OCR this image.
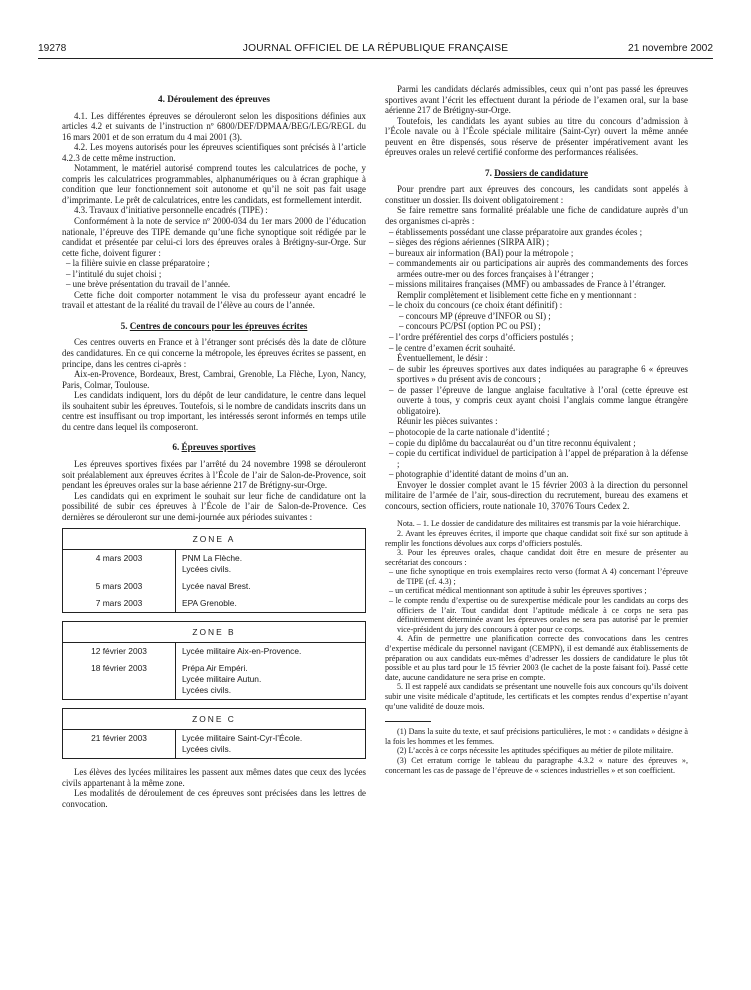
19278	JOURNAL OFFICIEL DE LA RÉPUBLIQUE FRANÇAISE	21 novembre 2002
4. Déroulement des épreuves

4.1. Les différentes épreuves se dérouleront selon les dispositions définies aux articles 4.2 et suivants de l’instruction nº 6800/DEF/DPMAA/BEG/LEG/REGL du 16 mars 2001 et de son erratum du 4 mai 2001 (3).

4.2. Les moyens autorisés pour les épreuves scientifiques sont précisés à l’article 4.2.3 de cette même instruction.

Notamment, le matériel autorisé comprend toutes les calculatrices de poche, y compris les calculatrices programmables, alphanumériques ou à écran graphique à condition que leur fonctionnement soit autonome et qu’il ne soit pas fait usage d’imprimante. Le prêt de calculatrices, entre les candidats, est formellement interdit.

4.3. Travaux d’initiative personnelle encadrés (TIPE) :

Conformément à la note de service nº 2000-034 du 1er mars 2000 de l’éducation nationale, l’épreuve des TIPE demande qu’une fiche synoptique soit rédigée par le candidat et présentée par celui-ci lors des épreuves orales à Brétigny-sur-Orge. Sur cette fiche, doivent figurer :

– la filière suivie en classe préparatoire ;
– l’intitulé du sujet choisi ;
– une brève présentation du travail de l’année.

Cette fiche doit comporter notamment le visa du professeur ayant encadré le travail et attestant de la réalité du travail de l’élève au cours de l’année.

5. Centres de concours pour les épreuves écrites

Ces centres ouverts en France et à l’étranger sont précisés dès la date de clôture des candidatures. En ce qui concerne la métropole, les épreuves écrites se passent, en principe, dans les centres ci-après :

Aix-en-Provence, Bordeaux, Brest, Cambrai, Grenoble, La Flèche, Lyon, Nancy, Paris, Colmar, Toulouse.

Les candidats indiquent, lors du dépôt de leur candidature, le centre dans lequel ils souhaitent subir les épreuves. Toutefois, si le nombre de candidats inscrits dans un centre est insuffisant ou trop important, les intéressés seront informés en temps utile du centre dans lequel ils composeront.

6. Épreuves sportives

Les épreuves sportives fixées par l’arrêté du 24 novembre 1998 se dérouleront soit préalablement aux épreuves écrites à l’École de l’air de Salon-de-Provence, soit pendant les épreuves orales sur la base aérienne 217 de Brétigny-sur-Orge.

Les candidats qui en expriment le souhait sur leur fiche de candidature ont la possibilité de subir ces épreuves à l’École de l’air de Salon-de-Provence. Ces dernières se dérouleront sur une demi-journée aux périodes suivantes :

ZONE A
4 mars 2003	PNM La Flèche.
Lycées civils.

5 mars 2003	Lycée naval Brest.

7 mars 2003	EPA Grenoble.
ZONE B
12 février 2003	Lycée militaire Aix-en-Provence.

18 février 2003	Prépa Air Empéri.
Lycée militaire Autun.
Lycées civils.
ZONE C
21 février 2003	Lycée militaire Saint-Cyr-l’École.
Lycées civils.

Les élèves des lycées militaires les passent aux mêmes dates que ceux des lycées civils appartenant à la même zone.

Les modalités de déroulement de ces épreuves sont précisées dans les lettres de convocation.

Parmi les candidats déclarés admissibles, ceux qui n’ont pas passé les épreuves sportives avant l’écrit les effectuent durant la période de l’examen oral, sur la base aérienne 217 de Brétigny-sur-Orge.

Toutefois, les candidats les ayant subies au titre du concours d’admission à l’École navale ou à l’École spéciale militaire (Saint-Cyr) ouvert la même année peuvent en être dispensés, sous réserve de présenter impérativement avant les épreuves orales un relevé certifié conforme des performances réalisées.

7. Dossiers de candidature

Pour prendre part aux épreuves des concours, les candidats sont appelés à constituer un dossier. Ils doivent obligatoirement :

Se faire remettre sans formalité préalable une fiche de candidature auprès d’un des organismes ci-après :

– établissements possédant une classe préparatoire aux grandes écoles ;
– sièges des régions aériennes (SIRPA AIR) ;
– bureaux air information (BAI) pour la métropole ;
– commandements air ou participations air auprès des commandements des forces armées outre-mer ou des forces françaises à l’étranger ;
– missions militaires françaises (MMF) ou ambassades de France à l’étranger.

Remplir complètement et lisiblement cette fiche en y mentionnant :

– le choix du concours (ce choix étant définitif) :
– concours MP (épreuve d’INFOR ou SI) ;
– concours PC/PSI (option PC ou PSI) ;
– l’ordre préférentiel des corps d’officiers postulés ;
– le centre d’examen écrit souhaité.

Éventuellement, le désir :

– de subir les épreuves sportives aux dates indiquées au paragraphe 6 « épreuves sportives » du présent avis de concours ;
– de passer l’épreuve de langue anglaise facultative à l’oral (cette épreuve est ouverte à tous, y compris ceux ayant choisi l’anglais comme langue étrangère obligatoire).

Réunir les pièces suivantes :

– photocopie de la carte nationale d’identité ;
– copie du diplôme du baccalauréat ou d’un titre reconnu équivalent ;
– copie du certificat individuel de participation à l’appel de préparation à la défense ;
– photographie d’identité datant de moins d’un an.

Envoyer le dossier complet avant le 15 février 2003 à la direction du personnel militaire de l’armée de l’air, sous-direction du recrutement, bureau des examens et concours, section officiers, route nationale 10, 37076 Tours Cedex 2.

Nota. – 1. Le dossier de candidature des militaires est transmis par la voie hiérarchique.

2. Avant les épreuves écrites, il importe que chaque candidat soit fixé sur son aptitude à remplir les fonctions dévolues aux corps d’officiers postulés.

3. Pour les épreuves orales, chaque candidat doit être en mesure de présenter au secrétariat des concours :

– une fiche synoptique en trois exemplaires recto verso (format A 4) concernant l’épreuve de TIPE (cf. 4.3) ;
– un certificat médical mentionnant son aptitude à subir les épreuves sportives ;
– le compte rendu d’expertise ou de surexpertise médicale pour les candidats au corps des officiers de l’air. Tout candidat dont l’aptitude médicale à ce corps ne sera pas définitivement déterminée avant les épreuves orales ne sera pas autorisé par le premier vice-président du jury des concours à opter pour ce corps.

4. Afin de permettre une planification correcte des convocations dans les centres d’expertise médicale du personnel navigant (CEMPN), il est demandé aux établissements de préparation ou aux candidats eux-mêmes d’adresser les dossiers de candidature le plus tôt possible et au plus tard pour le 15 février 2003 (le cachet de la poste faisant foi). Passé cette date, aucune candidature ne sera prise en compte.

5. Il est rappelé aux candidats se présentant une nouvelle fois aux concours qu’ils doivent subir une visite médicale d’aptitude, les certificats et les comptes rendus d’expertise n’ayant qu’une validité de douze mois.

(1) Dans la suite du texte, et sauf précisions particulières, le mot : « candidats » désigne à la fois les hommes et les femmes.

(2) L’accès à ce corps nécessite les aptitudes spécifiques au métier de pilote militaire.

(3) Cet erratum corrige le tableau du paragraphe 4.3.2 « nature des épreuves », concernant les cas de passage de l’épreuve de « sciences industrielles » et son coefficient.
